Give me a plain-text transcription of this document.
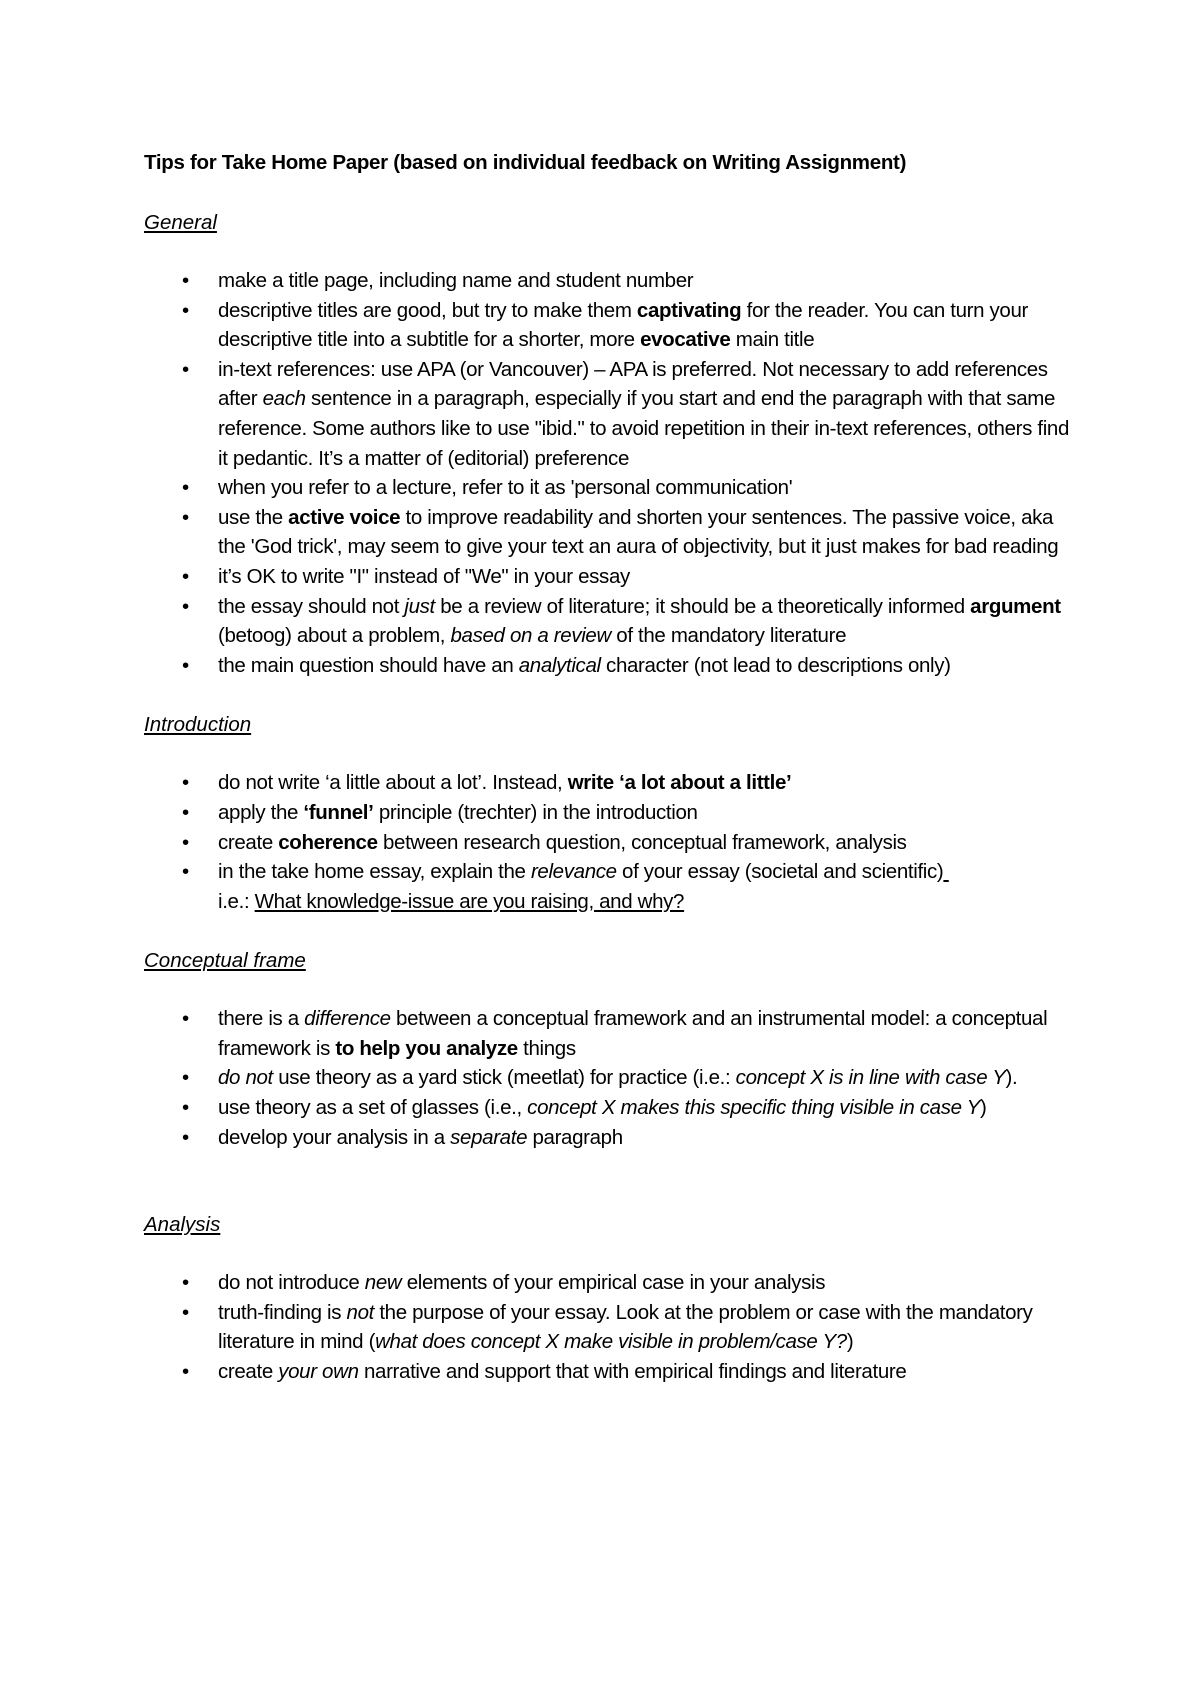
Tips for Take Home Paper (based on individual feedback on Writing Assignment)
General
• make a title page, including name and student number
• descriptive titles are good, but try to make them captivating for the reader. You can turn your descriptive title into a subtitle for a shorter, more evocative main title
• in-text references: use APA (or Vancouver) – APA is preferred. Not necessary to add references after each sentence in a paragraph, especially if you start and end the paragraph with that same reference. Some authors like to use "ibid." to avoid repetition in their in-text references, others find it pedantic. It’s a matter of (editorial) preference
• when you refer to a lecture, refer to it as 'personal communication'
• use the active voice to improve readability and shorten your sentences. The passive voice, aka the 'God trick', may seem to give your text an aura of objectivity, but it just makes for bad reading
• it’s OK to write "I" instead of "We" in your essay
• the essay should not just be a review of literature; it should be a theoretically informed argument (betoog) about a problem, based on a review of the mandatory literature
• the main question should have an analytical character (not lead to descriptions only)
Introduction
• do not write ‘a little about a lot’. Instead, write ‘a lot about a little’
• apply the ‘funnel’ principle (trechter) in the introduction
• create coherence between research question, conceptual framework, analysis
• in the take home essay, explain the relevance of your essay (societal and scientific)
i.e.: What knowledge-issue are you raising, and why?
Conceptual frame
• there is a difference between a conceptual framework and an instrumental model: a conceptual framework is to help you analyze things
• do not use theory as a yard stick (meetlat) for practice (i.e.: concept X is in line with case Y).
• use theory as a set of glasses (i.e., concept X makes this specific thing visible in case Y)
• develop your analysis in a separate paragraph
Analysis
• do not introduce new elements of your empirical case in your analysis
• truth-finding is not the purpose of your essay. Look at the problem or case with the mandatory literature in mind (what does concept X make visible in problem/case Y?)
• create your own narrative and support that with empirical findings and literature
